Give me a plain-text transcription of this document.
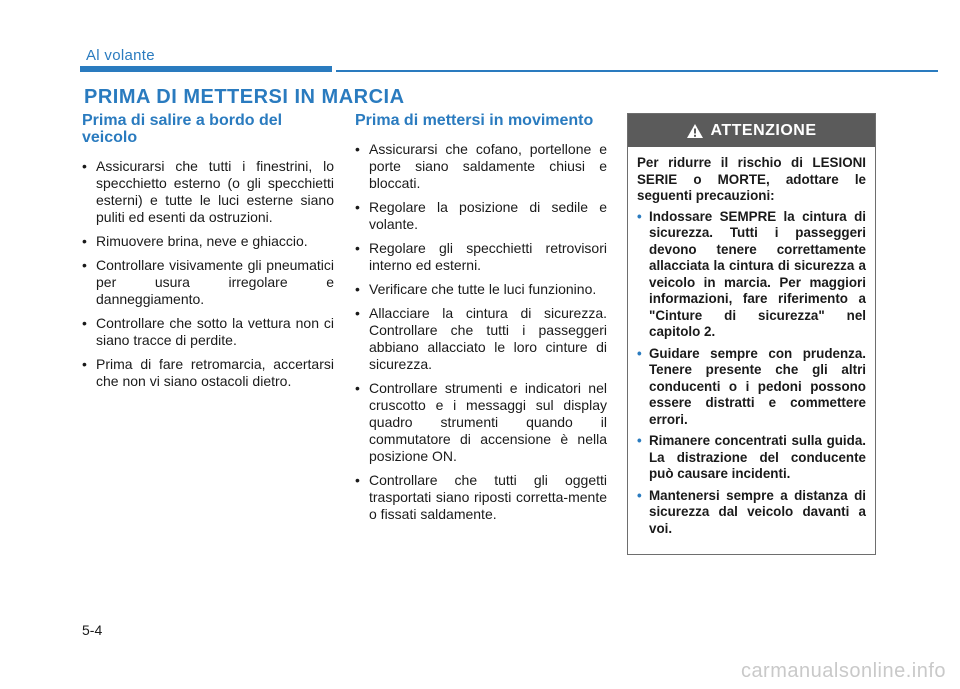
Al volante
PRIMA DI METTERSI IN MARCIA
Prima di salire a bordo del veicolo
• Assicurarsi che tutti i finestrini, lo specchietto esterno (o gli specchietti esterni) e tutte le luci esterne siano puliti ed esenti da ostruzioni.
• Rimuovere brina, neve e ghiaccio.
• Controllare visivamente gli pneumatici per usura irregolare e danneggiamento.
• Controllare che sotto la vettura non ci siano tracce di perdite.
• Prima di fare retromarcia, accertarsi che non vi siano ostacoli dietro.
Prima di mettersi in movimento
• Assicurarsi che cofano, portellone e porte siano saldamente chiusi e bloccati.
• Regolare la posizione di sedile e volante.
• Regolare gli specchietti retrovisori interno ed esterni.
• Verificare che tutte le luci funzionino.
• Allacciare la cintura di sicurezza. Controllare che tutti i passeggeri abbiano allacciato le loro cinture di sicurezza.
• Controllare strumenti e indicatori nel cruscotto e i messaggi sul display quadro strumenti quando il commutatore di accensione è nella posizione ON.
• Controllare che tutti gli oggetti trasportati siano riposti corretta-mente o fissati saldamente.
ATTENZIONE

Per ridurre il rischio di LESIONI SERIE o MORTE, adottare le seguenti precauzioni:

• Indossare SEMPRE la cintura di sicurezza. Tutti i passeggeri devono tenere correttamente allacciata la cintura di sicurezza a veicolo in marcia. Per maggiori informazioni, fare riferimento a "Cinture di sicurezza" nel capitolo 2.
• Guidare sempre con prudenza. Tenere presente che gli altri conducenti o i pedoni possono essere distratti e commettere errori.
• Rimanere concentrati sulla guida. La distrazione del conducente può causare incidenti.
• Mantenersi sempre a distanza di sicurezza dal veicolo davanti a voi.
5-4
carmanualsonline.info
